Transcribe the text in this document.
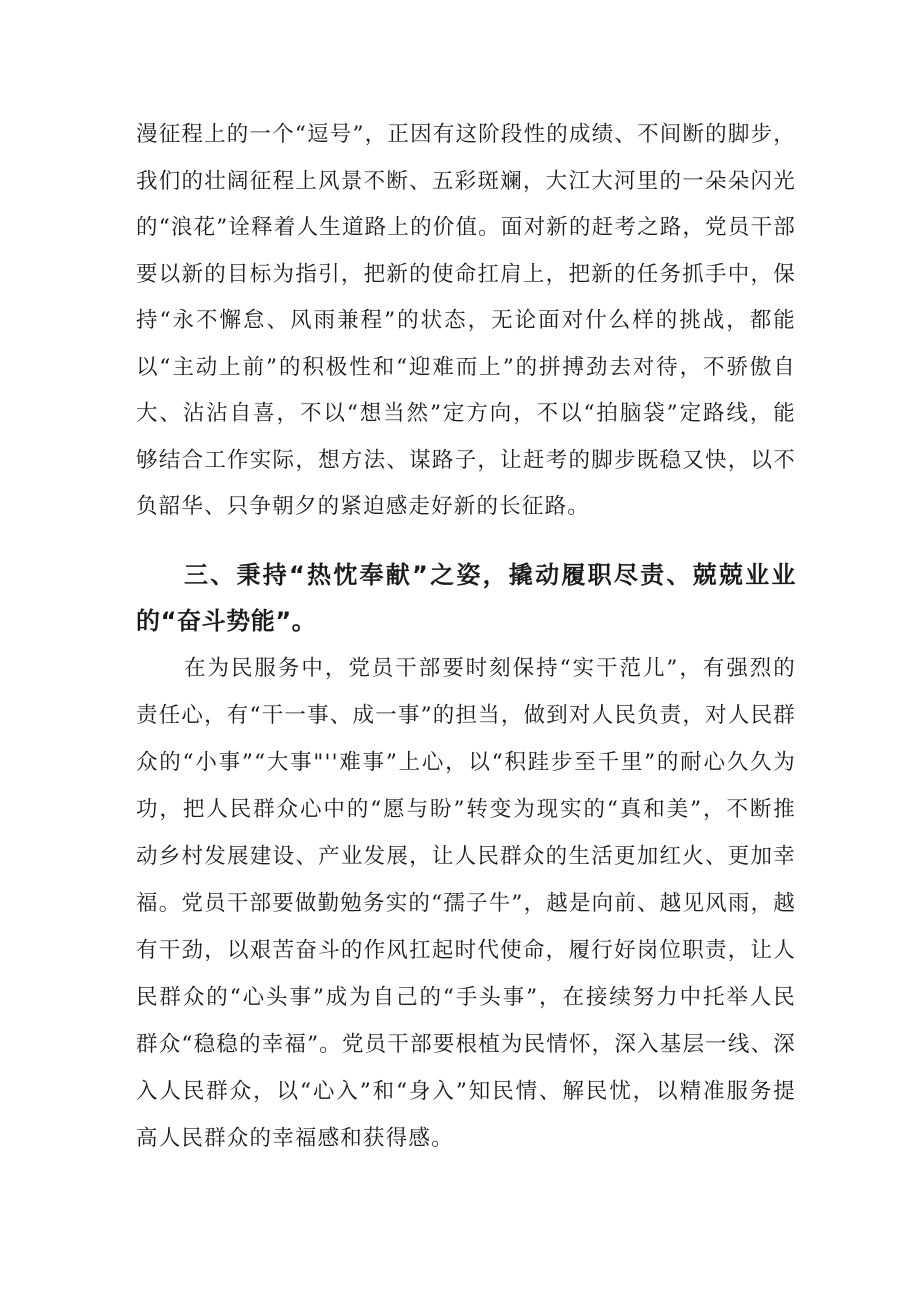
漫征程上的一个“逗号”，正因有这阶段性的成绩、不间断的脚步，我们的壮阔征程上风景不断、五彩斑斓，大江大河里的一朵朵闪光的“浪花”诠释着人生道路上的价值。面对新的赶考之路，党员干部要以新的目标为指引，把新的使命扛肩上，把新的任务抓手中，保持“永不懈怠、风雨兼程”的状态，无论面对什么样的挑战，都能以“主动上前”的积极性和“迎难而上”的拼搏劲去对待，不骄傲自大、沾沾自喜，不以“想当然”定方向，不以“拍脑袋”定路线，能够结合工作实际，想方法、谋路子，让赶考的脚步既稳又快，以不负韶华、只争朝夕的紧迫感走好新的长征路。

三、秉持“热忱奉献”之姿，撬动履职尽责、兢兢业业的“奋斗势能”。

在为民服务中，党员干部要时刻保持“实干范儿”，有强烈的责任心，有“干一事、成一事”的担当，做到对人民负责，对人民群众的“小事”“大事"''难事”上心，以“积跬步至千里”的耐心久久为功，把人民群众心中的“愿与盼”转变为现实的“真和美”，不断推动乡村发展建设、产业发展，让人民群众的生活更加红火、更加幸福。党员干部要做勤勉务实的“孺子牛”，越是向前、越见风雨，越有干劲，以艰苦奋斗的作风扛起时代使命，履行好岗位职责，让人民群众的“心头事”成为自己的“手头事”，在接续努力中托举人民群众“稳稳的幸福”。党员干部要根植为民情怀，深入基层一线、深入人民群众，以“心入”和“身入”知民情、解民忧，以精准服务提高人民群众的幸福感和获得感。
